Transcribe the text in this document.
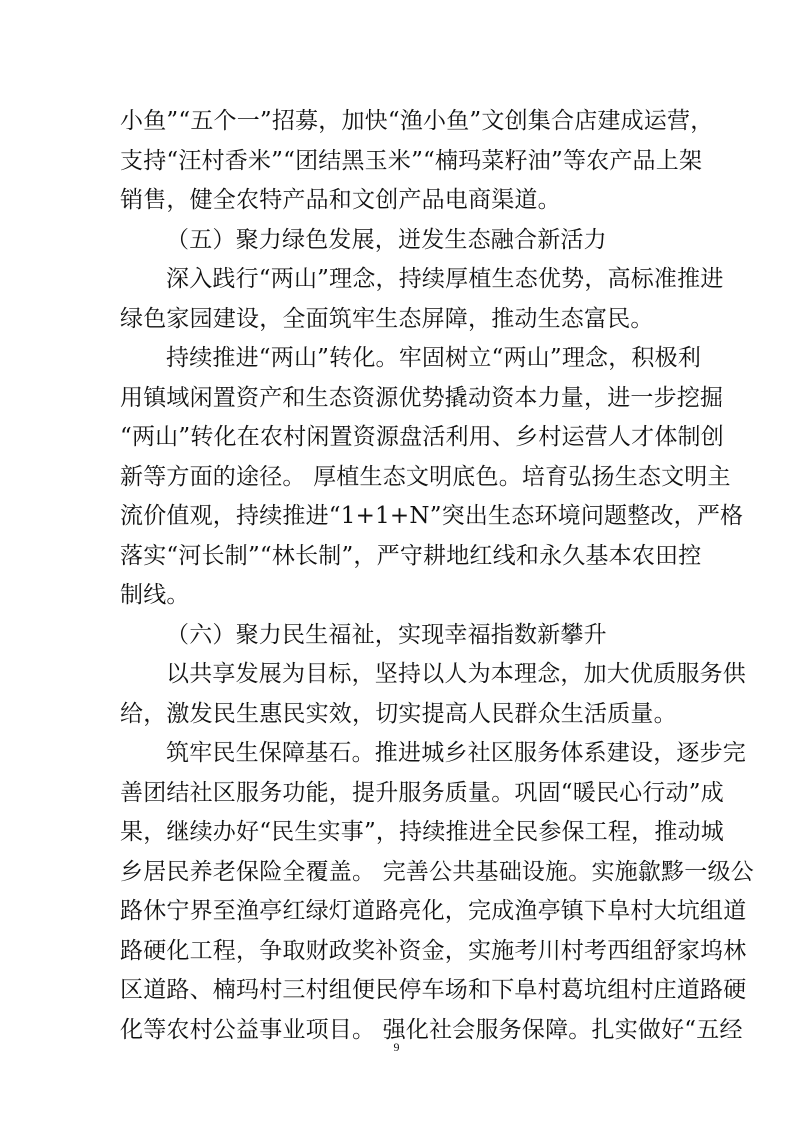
小鱼”“五个一”招募，加快“渔小鱼”文创集合店建成运营，
支持“汪村香米”“团结黑玉米”“楠玛菜籽油”等农产品上架
销售，健全农特产品和文创产品电商渠道。
（五）聚力绿色发展，迸发生态融合新活力
深入践行“两山”理念，持续厚植生态优势，高标准推进
绿色家园建设，全面筑牢生态屏障，推动生态富民。
持续推进“两山”转化。牢固树立“两山”理念，积极利
用镇域闲置资产和生态资源优势撬动资本力量，进一步挖掘
“两山”转化在农村闲置资源盘活利用、乡村运营人才体制创
新等方面的途径。 厚植生态文明底色。培育弘扬生态文明主
流价值观，持续推进“1+1+N”突出生态环境问题整改，严格
落实“河长制”“林长制”，严守耕地红线和永久基本农田控
制线。
（六）聚力民生福祉，实现幸福指数新攀升
以共享发展为目标，坚持以人为本理念，加大优质服务供
给，激发民生惠民实效，切实提高人民群众生活质量。
筑牢民生保障基石。推进城乡社区服务体系建设，逐步完
善团结社区服务功能，提升服务质量。巩固“暖民心行动”成
果，继续办好“民生实事”，持续推进全民参保工程，推动城
乡居民养老保险全覆盖。 完善公共基础设施。实施歙黟一级公
路休宁界至渔亭红绿灯道路亮化，完成渔亭镇下阜村大坑组道
路硬化工程，争取财政奖补资金，实施考川村考西组舒家坞林
区道路、楠玛村三村组便民停车场和下阜村葛坑组村庄道路硬
化等农村公益事业项目。 强化社会服务保障。扎实做好“五经
9
